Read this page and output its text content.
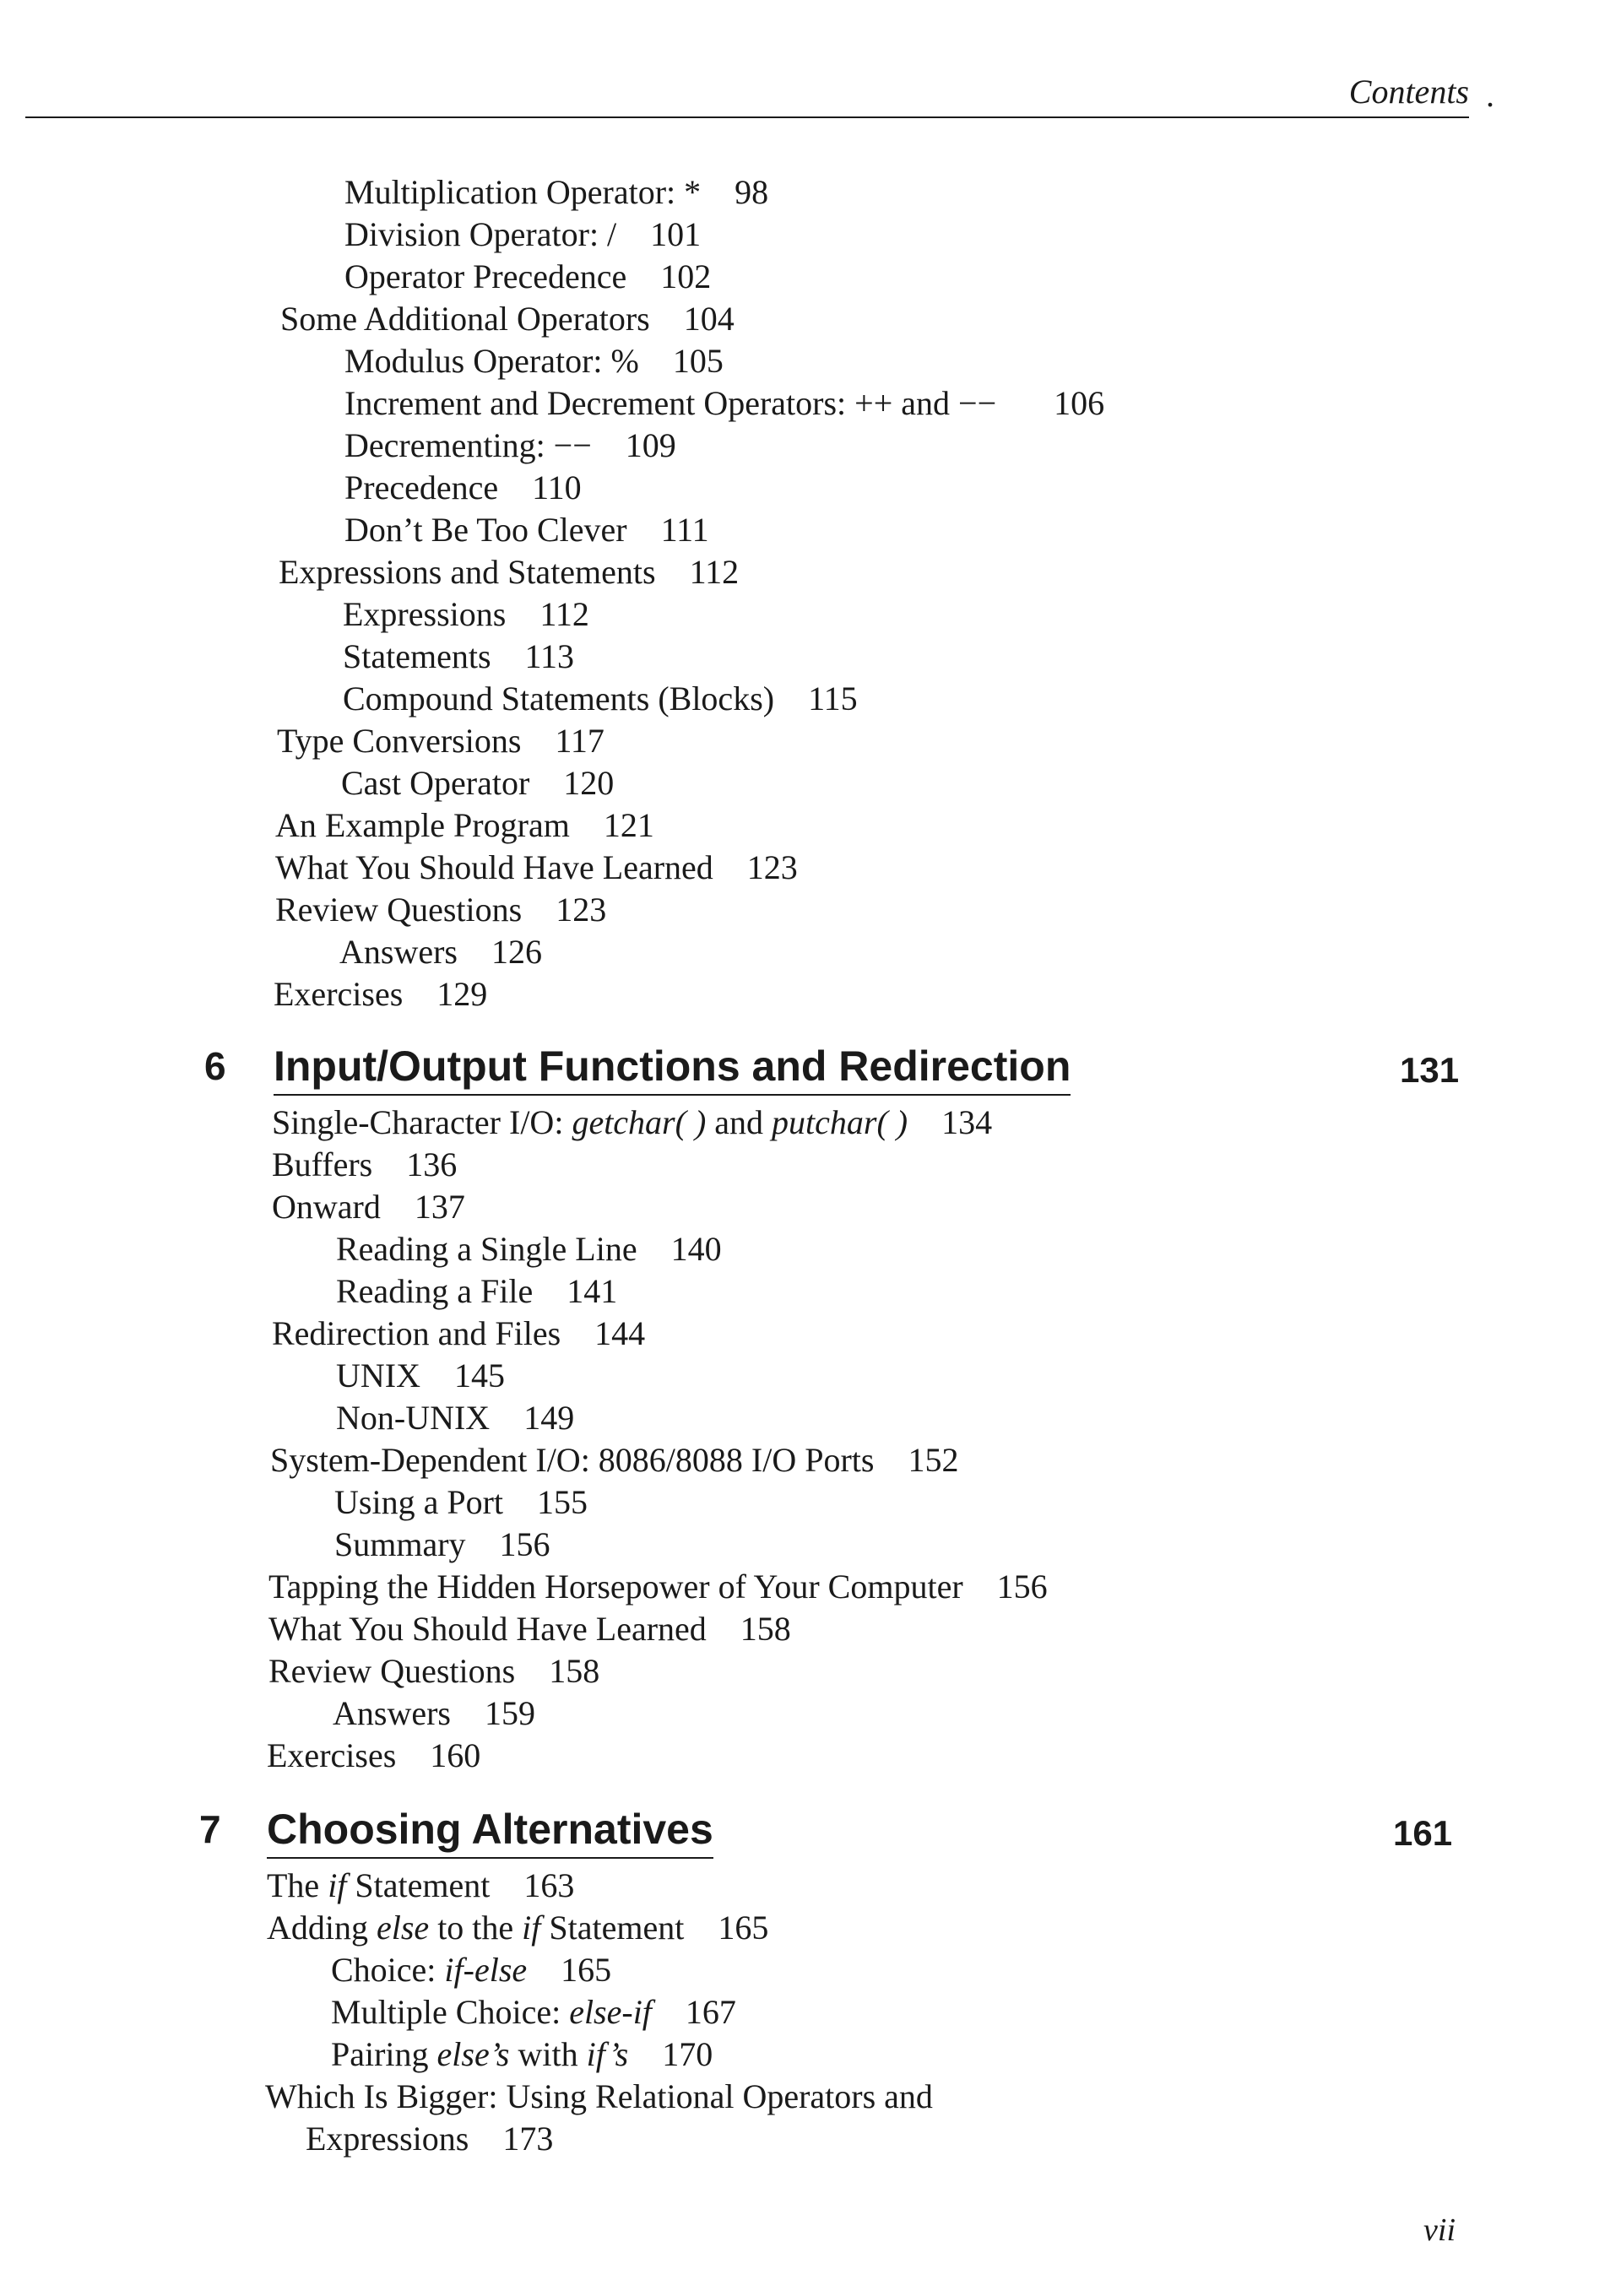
Contents .
Multiplication Operator: * 98
Division Operator: / 101
Operator Precedence 102
Some Additional Operators 104
Modulus Operator: % 105
Increment and Decrement Operators: ++ and −− 106
Decrementing: −− 109
Precedence 110
Don’t Be Too Clever 111
Expressions and Statements 112
Expressions 112
Statements 113
Compound Statements (Blocks) 115
Type Conversions 117
Cast Operator 120
An Example Program 121
What You Should Have Learned 123
Review Questions 123
Answers 126
Exercises 129
6 Input/Output Functions and Redirection	131
Single-Character I/O: getchar( ) and putchar( ) 134
Buffers 136
Onward 137
Reading a Single Line 140
Reading a File 141
Redirection and Files 144
UNIX 145
Non-UNIX 149
System-Dependent I/O: 8086/8088 I/O Ports 152
Using a Port 155
Summary 156
Tapping the Hidden Horsepower of Your Computer 156
What You Should Have Learned 158
Review Questions 158
Answers 159
Exercises 160
7 Choosing Alternatives	161
The if Statement 163
Adding else to the if Statement 165
Choice: if-else 165
Multiple Choice: else-if 167
Pairing else’s with if’s 170
Which Is Bigger: Using Relational Operators and
Expressions 173
vii
